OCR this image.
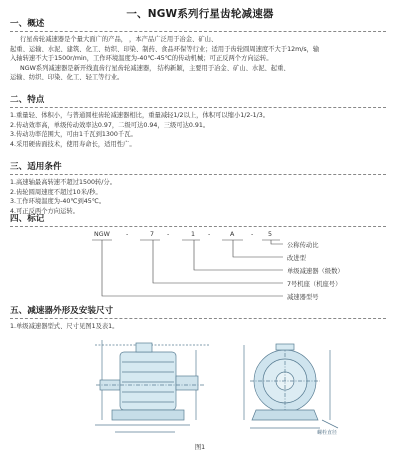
一、NGW系列行星齿轮减速器
一、概述
行星齿轮减速器是个量大面广的产品， ，本产品广泛用于冶金、矿山、
起重、运输、水泥、建筑、化工、纺织、印染、制药、食品环保等行业；适用于齿轮圆周速度不大于12m/s，输
入轴转速不大于1500r/min，工作环境温度为-40℃-45℃的传动机械；可正反两个方向运转。
NGW系列减速器是新开线直齿行星齿轮减速器， 结构新颖，主要用于冶金、矿山、水泥、起重、
运输、纺织、印染、化工、轻工等行业。
二、特点
1.重量轻、体积小，与普通圆柱齿轮减速器相比，重量减轻1/2以上，体积可以缩小1/2-1/3。
2.传动效率高，单级传动效率达0.97，二级可达0.94，三级可达0.91。
3.传动功率范围大，可由1千瓦到1300千瓦。
4.采用硬齿面技术，使用寿命长，适用性广。
三、适用条件
1.高速轴最高转速不超过1500转/分。
2.齿轮圆周速度不超过10米/秒。
3.工作环境温度为-40℃到45℃。
4.可正反两个方向运转。
四、标记
NGW	-	7 -	1 -	A	- 5
公称传动比
改进型
单级减速器（级数）
7号机座（机座号）
减速器型号
五、减速器外形及安装尺寸
1.单级减速器型式、尺寸见图1及表1。
螺栓直径
图1
